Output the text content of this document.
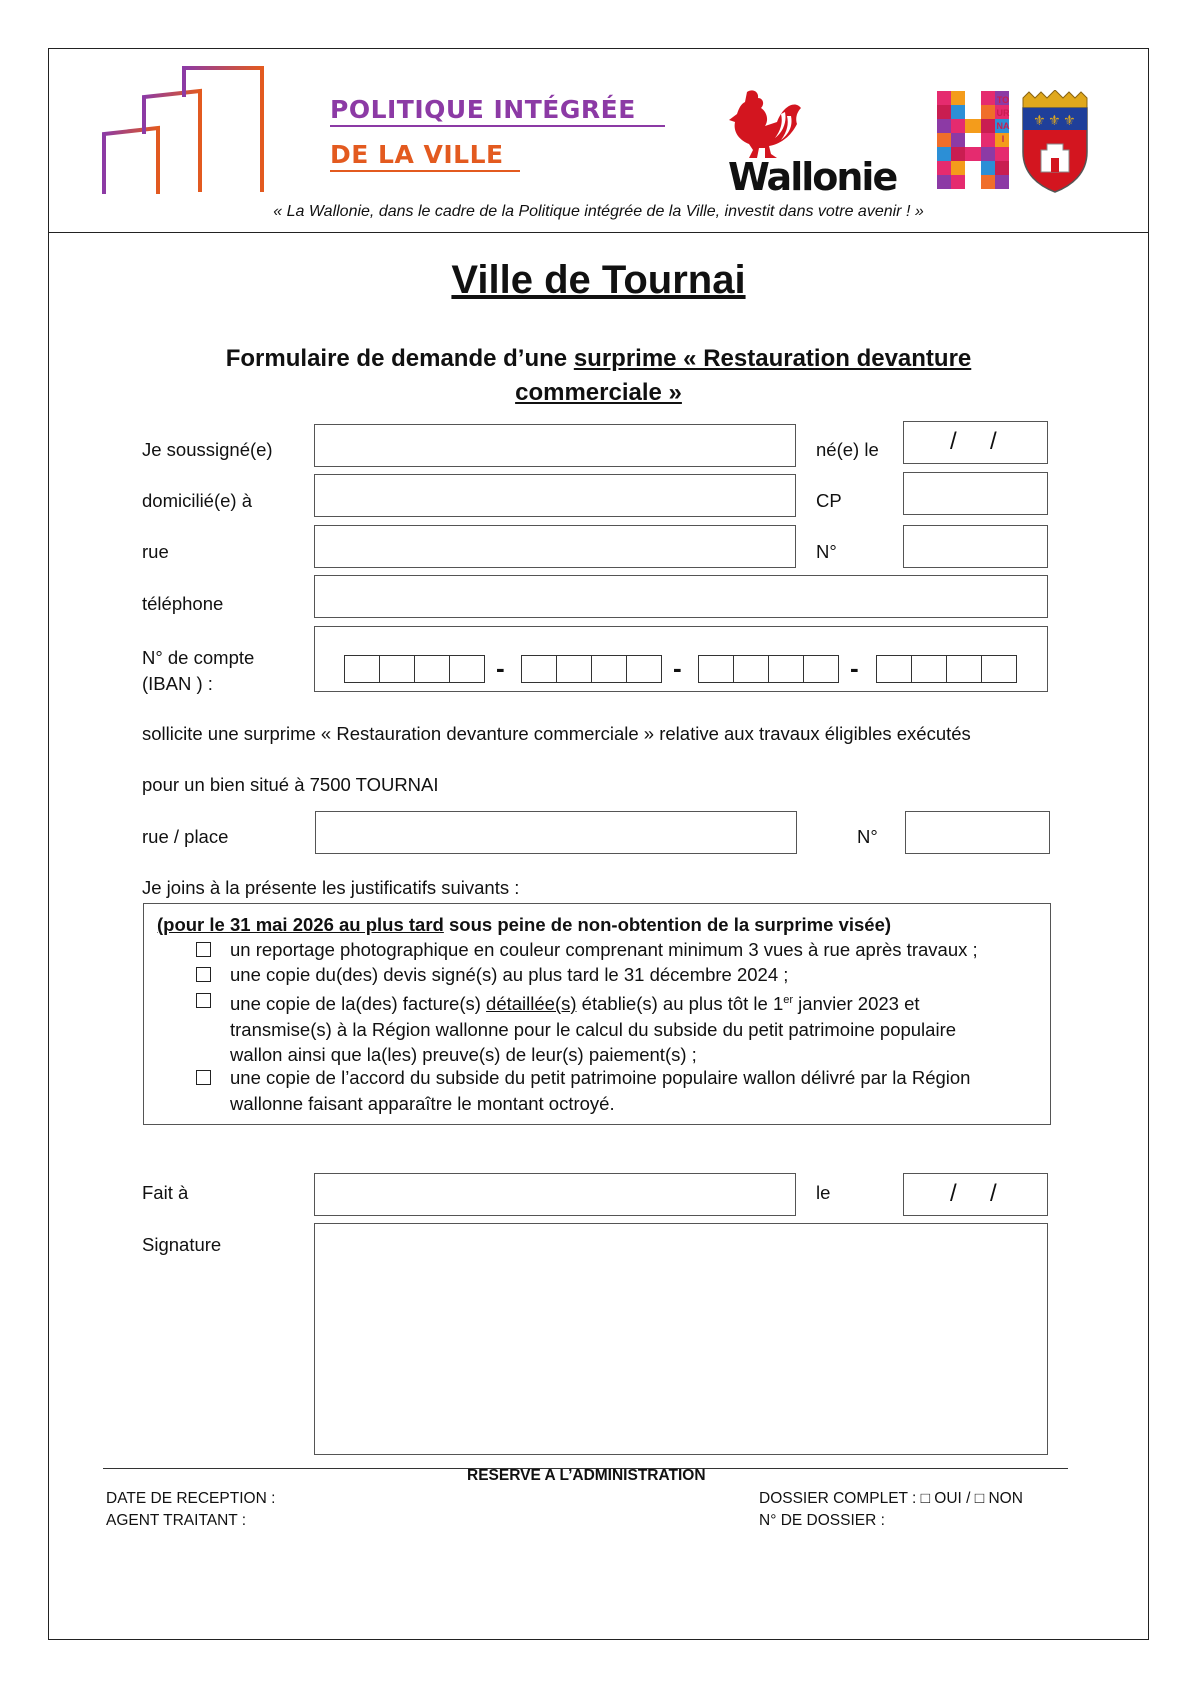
POLITIQUE INTÉGRÉE
DE LA VILLE
Wallonie
TOURNAI
⚜ ⚜ ⚜
« La Wallonie, dans le cadre de la Politique intégrée de la Ville, investit dans votre avenir ! »
Ville de Tournai
Formulaire de demande d’une surprime « Restauration devanture
commerciale »
Je soussigné(e)	né(e) le	/ /
domicilié(e) à	CP
rue	N°
téléphone
N° de compte
(IBAN ) :
-	-	-
sollicite une surprime « Restauration devanture commerciale » relative aux travaux éligibles exécutés
pour un bien situé à 7500 TOURNAI
rue / place	N°
Je joins à la présente les justificatifs suivants :
(pour le 31 mai 2026 au plus tard sous peine de non-obtention de la surprime visée)
un reportage photographique en couleur comprenant minimum 3 vues à rue après travaux ;
une copie du(des) devis signé(s) au plus tard le 31 décembre 2024 ;
une copie de la(des) facture(s) détaillée(s) établie(s) au plus tôt le 1er janvier 2023 et
transmise(s) à la Région wallonne pour le calcul du subside du petit patrimoine populaire
wallon ainsi que la(les) preuve(s) de leur(s) paiement(s) ;
une copie de l’accord du subside du petit patrimoine populaire wallon délivré par la Région
wallonne faisant apparaître le montant octroyé.
Fait à	le	/ /
Signature
RESERVE A L’ADMINISTRATION
DATE DE RECEPTION :
AGENT TRAITANT :
DOSSIER COMPLET : □ OUI / □ NON
N° DE DOSSIER :
